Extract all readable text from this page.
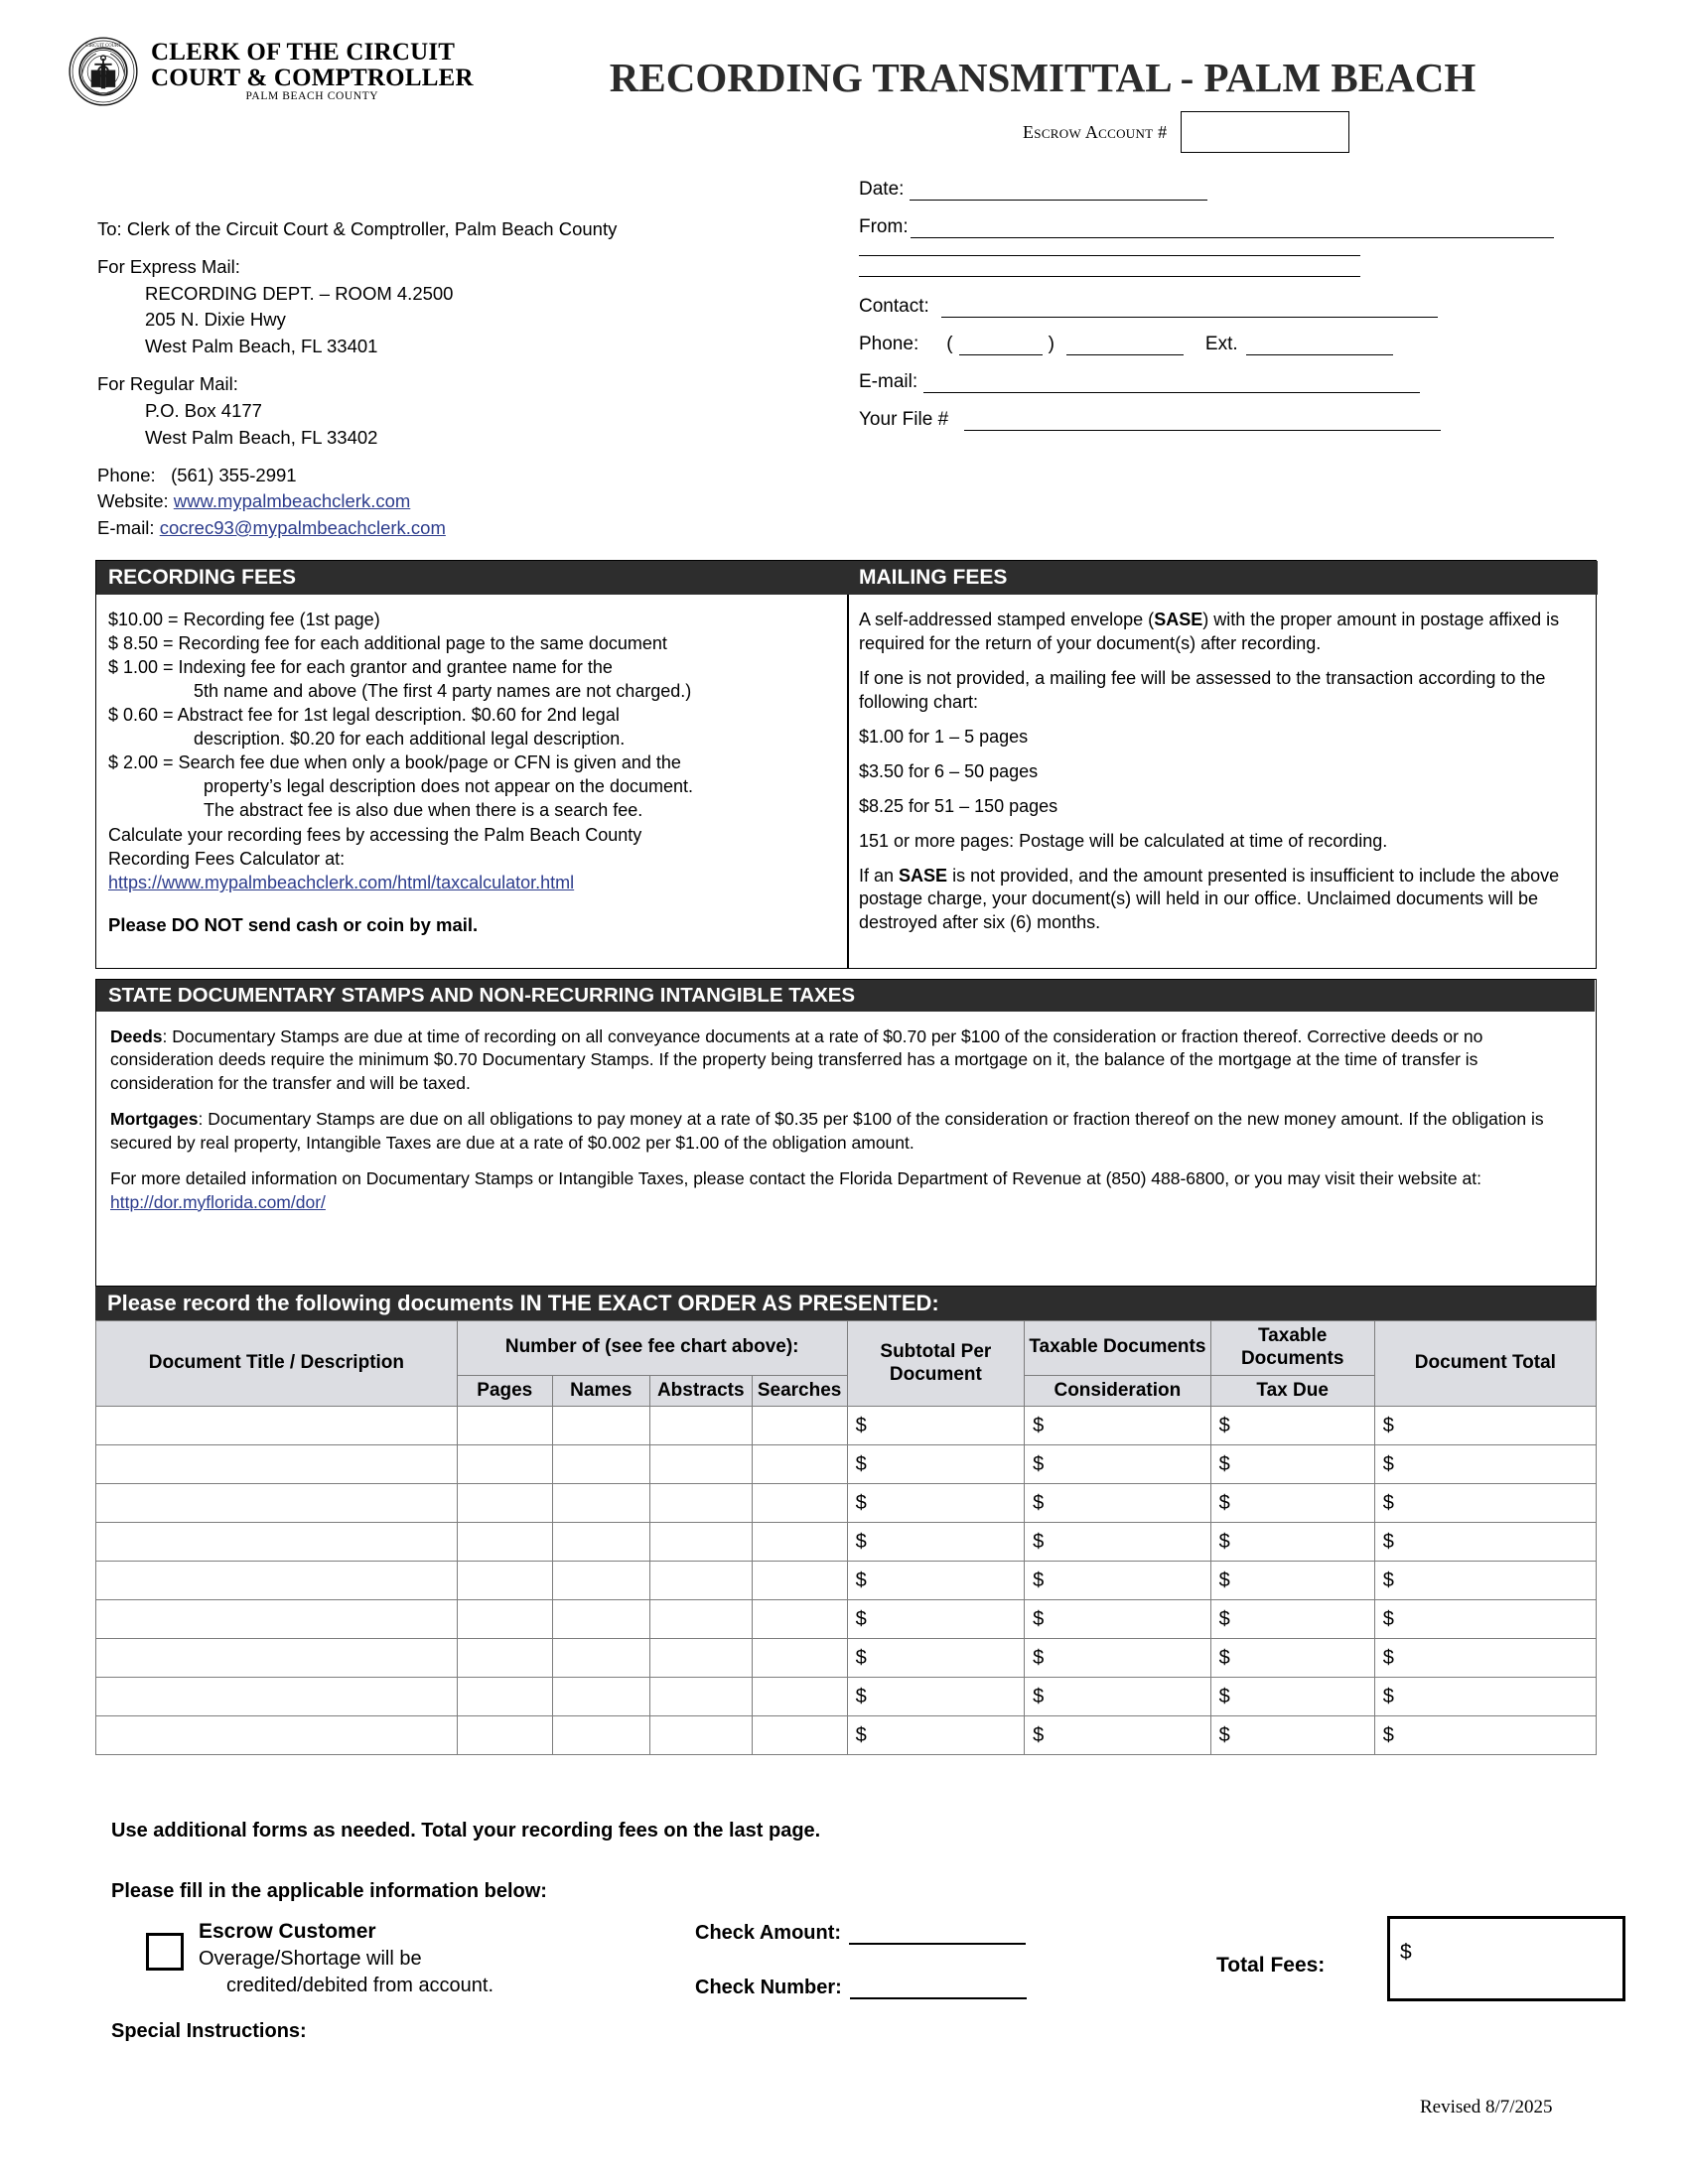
CIRCUIT COURT CLERK OF THE CIRCUIT
COURT & COMPTROLLER
PALM BEACH COUNTY	RECORDING TRANSMITTAL - PALM BEACH
Escrow Account #
To: Clerk of the Circuit Court & Comptroller, Palm Beach County
For Express Mail:
RECORDING DEPT. – ROOM 4.2500
205 N. Dixie Hwy
West Palm Beach, FL 33401
For Regular Mail:
P.O. Box 4177
West Palm Beach, FL 33402
Phone: (561) 355-2991
Website: www.mypalmbeachclerk.com
E-mail: cocrec93@mypalmbeachclerk.com
Date:
From:
Contact:
Phone: (	)	Ext.
E-mail:
Your File #
RECORDING FEES	MAILING FEES
$10.00 = Recording fee (1st page)
$ 8.50 = Recording fee for each additional page to the same document
$ 1.00 = Indexing fee for each grantor and grantee name for the
5th name and above (The first 4 party names are not charged.)
$ 0.60 = Abstract fee for 1st legal description. $0.60 for 2nd legal
description. $0.20 for each additional legal description.
$ 2.00 = Search fee due when only a book/page or CFN is given and the
property’s legal description does not appear on the document.
The abstract fee is also due when there is a search fee.
Calculate your recording fees by accessing the Palm Beach County
Recording Fees Calculator at:
https://www.mypalmbeachclerk.com/html/taxcalculator.html
Please DO NOT send cash or coin by mail.

A self-addressed stamped envelope (SASE) with the proper amount in postage affixed is required for the return of your document(s) after recording.

If one is not provided, a mailing fee will be assessed to the transaction according to the following chart:

$1.00 for 1 – 5 pages

$3.50 for 6 – 50 pages

$8.25 for 51 – 150 pages

151 or more pages: Postage will be calculated at time of recording.

If an SASE is not provided, and the amount presented is insufficient to include the above postage charge, your document(s) will held in our office. Unclaimed documents will be destroyed after six (6) months.

STATE DOCUMENTARY STAMPS AND NON-RECURRING INTANGIBLE TAXES

Deeds: Documentary Stamps are due at time of recording on all conveyance documents at a rate of $0.70 per $100 of the consideration or fraction thereof. Corrective deeds or no consideration deeds require the minimum $0.70 Documentary Stamps. If the property being transferred has a mortgage on it, the balance of the mortgage at the time of transfer is consideration for the transfer and will be taxed.

Mortgages: Documentary Stamps are due on all obligations to pay money at a rate of $0.35 per $100 of the consideration or fraction thereof on the new money amount. If the obligation is secured by real property, Intangible Taxes are due at a rate of $0.002 per $1.00 of the obligation amount.

For more detailed information on Documentary Stamps or Intangible Taxes, please contact the Florida Department of Revenue at (850) 488-6800, or you may visit their website at: http://dor.myflorida.com/dor/

Please record the following documents IN THE EXACT ORDER AS PRESENTED:
Document Title / Description	Number of (see fee chart above):				Subtotal Per Document	Taxable Documents	Taxable Documents	Document Total
	Pages	Names	Abstracts	Searches		Consideration	Tax Due	
					$	$	$	$
					$	$	$	$
					$	$	$	$
					$	$	$	$
					$	$	$	$
					$	$	$	$
					$	$	$	$
					$	$	$	$
					$	$	$	$
Use additional forms as needed. Total your recording fees on the last page.
Please fill in the applicable information below:
Escrow Customer
Overage/Shortage will be
credited/debited from account.
Check Amount:
Check Number:
Total Fees:
$
Special Instructions:
Revised 8/7/2025
